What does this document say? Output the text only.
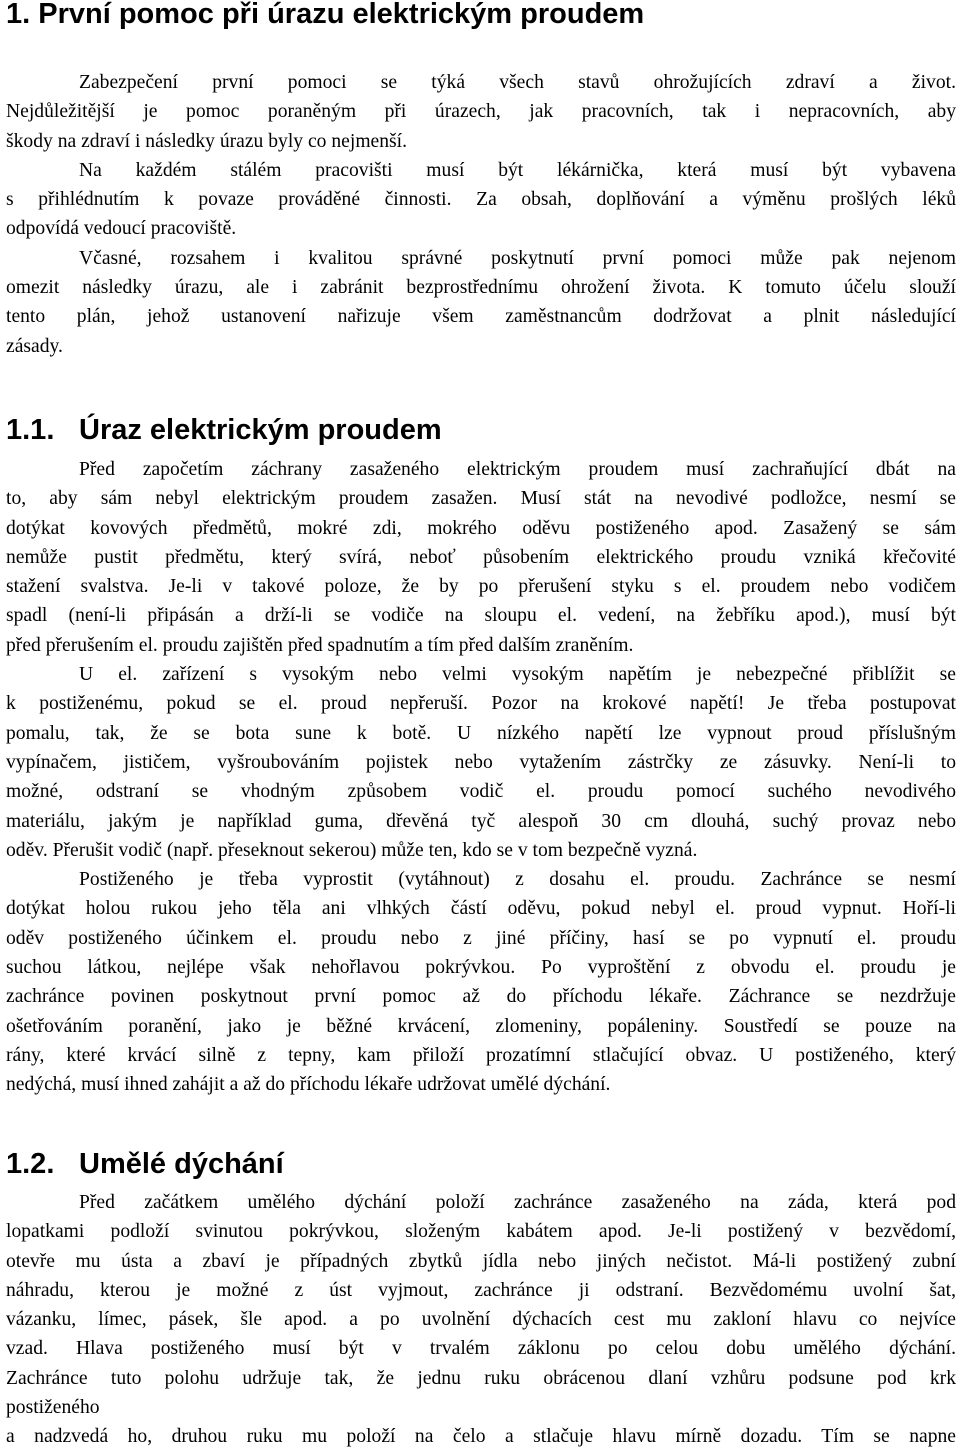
1. První pomoc při úrazu elektrickým proudem
Zabezpečení první pomoci se týká všech stavů ohrožujících zdraví a život.
Nejdůležitější je pomoc poraněným při úrazech, jak pracovních, tak i nepracovních, aby
škody na zdraví i následky úrazu byly co nejmenší.
Na každém stálém pracovišti musí být lékárnička, která musí být vybavena
s přihlédnutím k povaze prováděné činnosti. Za obsah, doplňování a výměnu prošlých léků
odpovídá vedoucí pracoviště.
Včasné, rozsahem i kvalitou správné poskytnutí první pomoci může pak nejenom
omezit následky úrazu, ale i zabránit bezprostřednímu ohrožení života. K tomuto účelu slouží
tento plán, jehož ustanovení nařizuje všem zaměstnancům dodržovat a plnit následující
zásady.
1.1. Úraz elektrickým proudem
Před započetím záchrany zasaženého elektrickým proudem musí zachraňující dbát na
to, aby sám nebyl elektrickým proudem zasažen. Musí stát na nevodivé podložce, nesmí se
dotýkat kovových předmětů, mokré zdi, mokrého oděvu postiženého apod. Zasažený se sám
nemůže pustit předmětu, který svírá, neboť působením elektrického proudu vzniká křečovité
stažení svalstva. Je-li v takové poloze, že by po přerušení styku s el. proudem nebo vodičem
spadl (není-li připásán a drží-li se vodiče na sloupu el. vedení, na žebříku apod.), musí být
před přerušením el. proudu zajištěn před spadnutím a tím před dalším zraněním.
U el. zařízení s vysokým nebo velmi vysokým napětím je nebezpečné přiblížit se
k postiženému, pokud se el. proud nepřeruší. Pozor na krokové napětí! Je třeba postupovat
pomalu, tak, že se bota sune k botě. U nízkého napětí lze vypnout proud příslušným
vypínačem, jističem, vyšroubováním pojistek nebo vytažením zástrčky ze zásuvky. Není-li to
možné, odstraní se vhodným způsobem vodič el. proudu pomocí suchého nevodivého
materiálu, jakým je například guma, dřevěná tyč alespoň 30 cm dlouhá, suchý provaz nebo
oděv. Přerušit vodič (např. přeseknout sekerou) může ten, kdo se v tom bezpečně vyzná.
Postiženého je třeba vyprostit (vytáhnout) z dosahu el. proudu. Zachránce se nesmí
dotýkat holou rukou jeho těla ani vlhkých částí oděvu, pokud nebyl el. proud vypnut. Hoří-li
oděv postiženého účinkem el. proudu nebo z jiné příčiny, hasí se po vypnutí el. proudu
suchou látkou, nejlépe však nehořlavou pokrývkou. Po vyproštění z obvodu el. proudu je
zachránce povinen poskytnout první pomoc až do příchodu lékaře. Záchrance se nezdržuje
ošetřováním poranění, jako je běžné krvácení, zlomeniny, popáleniny. Soustředí se pouze na
rány, které krvácí silně z tepny, kam přiloží prozatímní stlačující obvaz. U postiženého, který
nedýchá, musí ihned zahájit a až do příchodu lékaře udržovat umělé dýchání.
1.2. Umělé dýchání
Před začátkem umělého dýchání položí zachránce zasaženého na záda, která pod
lopatkami podloží svinutou pokrývkou, složeným kabátem apod. Je-li postižený v bezvědomí,
otevře mu ústa a zbaví je případných zbytků jídla nebo jiných nečistot. Má-li postižený zubní
náhradu, kterou je možné z úst vyjmout, zachránce ji odstraní. Bezvědomému uvolní šat,
vázanku, límec, pásek, šle apod. a po uvolnění dýchacích cest mu zakloní hlavu co nejvíce
vzad. Hlava postiženého musí být v trvalém záklonu po celou dobu umělého dýchání.
Zachránce tuto polohu udržuje tak, že jednu ruku obrácenou dlaní vzhůru podsune pod krk
postiženého
a nadzvedá ho, druhou ruku mu položí na čelo a stlačuje hlavu mírně dozadu. Tím se napne
